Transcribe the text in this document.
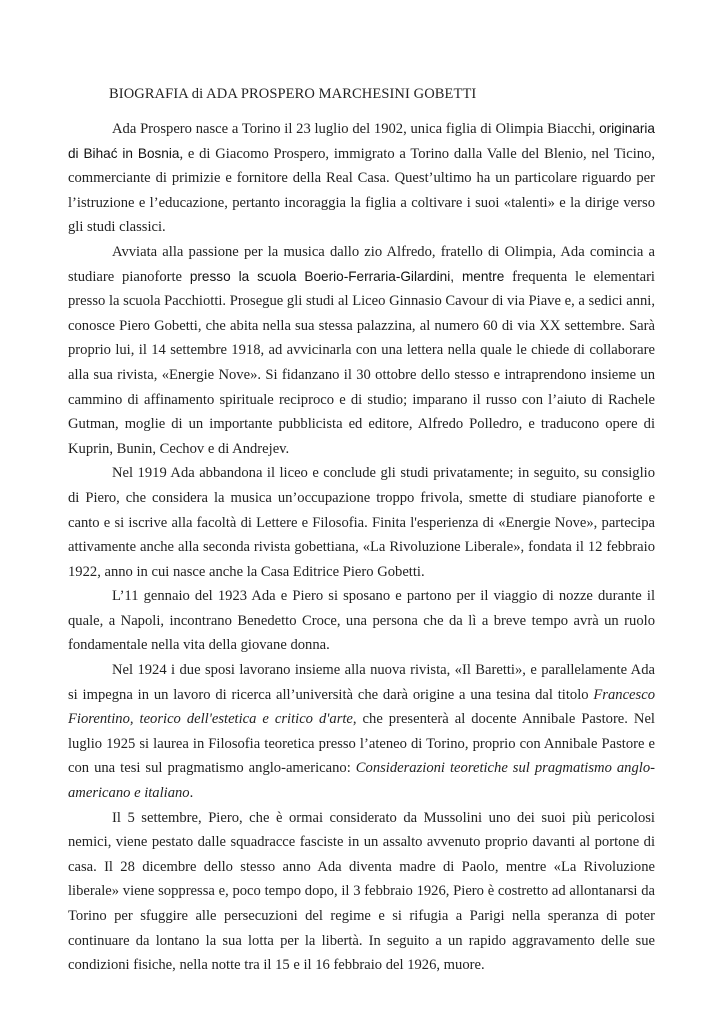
BIOGRAFIA di ADA PROSPERO MARCHESINI GOBETTI

Ada Prospero nasce a Torino il 23 luglio del 1902, unica figlia di Olimpia Biacchi, originaria di Bihać in Bosnia, e di Giacomo Prospero, immigrato a Torino dalla Valle del Blenio, nel Ticino, commerciante di primizie e fornitore della Real Casa. Quest’ultimo ha un particolare riguardo per l’istruzione e l’educazione, pertanto incoraggia la figlia a coltivare i suoi «talenti» e la dirige verso gli studi classici.

Avviata alla passione per la musica dallo zio Alfredo, fratello di Olimpia, Ada comincia a studiare pianoforte presso la scuola Boerio-Ferraria-Gilardini, mentre frequenta le elementari presso la scuola Pacchiotti. Prosegue gli studi al Liceo Ginnasio Cavour di via Piave e, a sedici anni, conosce Piero Gobetti, che abita nella sua stessa palazzina, al numero 60 di via XX settembre. Sarà proprio lui, il 14 settembre 1918, ad avvicinarla con una lettera nella quale le chiede di collaborare alla sua rivista, «Energie Nove». Si fidanzano il 30 ottobre dello stesso e intraprendono insieme un cammino di affinamento spirituale reciproco e di studio; imparano il russo con l’aiuto di Rachele Gutman, moglie di un importante pubblicista ed editore, Alfredo Polledro, e traducono opere di Kuprin, Bunin, Cechov e di Andrejev.

Nel 1919 Ada abbandona il liceo e conclude gli studi privatamente; in seguito, su consiglio di Piero, che considera la musica un’occupazione troppo frivola, smette di studiare pianoforte e canto e si iscrive alla facoltà di Lettere e Filosofia. Finita l'esperienza di «Energie Nove», partecipa attivamente anche alla seconda rivista gobettiana, «La Rivoluzione Liberale», fondata il 12 febbraio 1922, anno in cui nasce anche la Casa Editrice Piero Gobetti.

L’11 gennaio del 1923 Ada e Piero si sposano e partono per il viaggio di nozze durante il quale, a Napoli, incontrano Benedetto Croce, una persona che da lì a breve tempo avrà un ruolo fondamentale nella vita della giovane donna.

Nel 1924 i due sposi lavorano insieme alla nuova rivista, «Il Baretti», e parallelamente Ada si impegna in un lavoro di ricerca all’università che darà origine a una tesina dal titolo Francesco Fiorentino, teorico dell'estetica e critico d'arte, che presenterà al docente Annibale Pastore. Nel luglio 1925 si laurea in Filosofia teoretica presso l’ateneo di Torino, proprio con Annibale Pastore e con una tesi sul pragmatismo anglo-americano: Considerazioni teoretiche sul pragmatismo anglo-americano e italiano.

Il 5 settembre, Piero, che è ormai considerato da Mussolini uno dei suoi più pericolosi nemici, viene pestato dalle squadracce fasciste in un assalto avvenuto proprio davanti al portone di casa. Il 28 dicembre dello stesso anno Ada diventa madre di Paolo, mentre «La Rivoluzione liberale» viene soppressa e, poco tempo dopo, il 3 febbraio 1926, Piero è costretto ad allontanarsi da Torino per sfuggire alle persecuzioni del regime e si rifugia a Parigi nella speranza di poter continuare da lontano la sua lotta per la libertà. In seguito a un rapido aggravamento delle sue condizioni fisiche, nella notte tra il 15 e il 16 febbraio del 1926, muore.
